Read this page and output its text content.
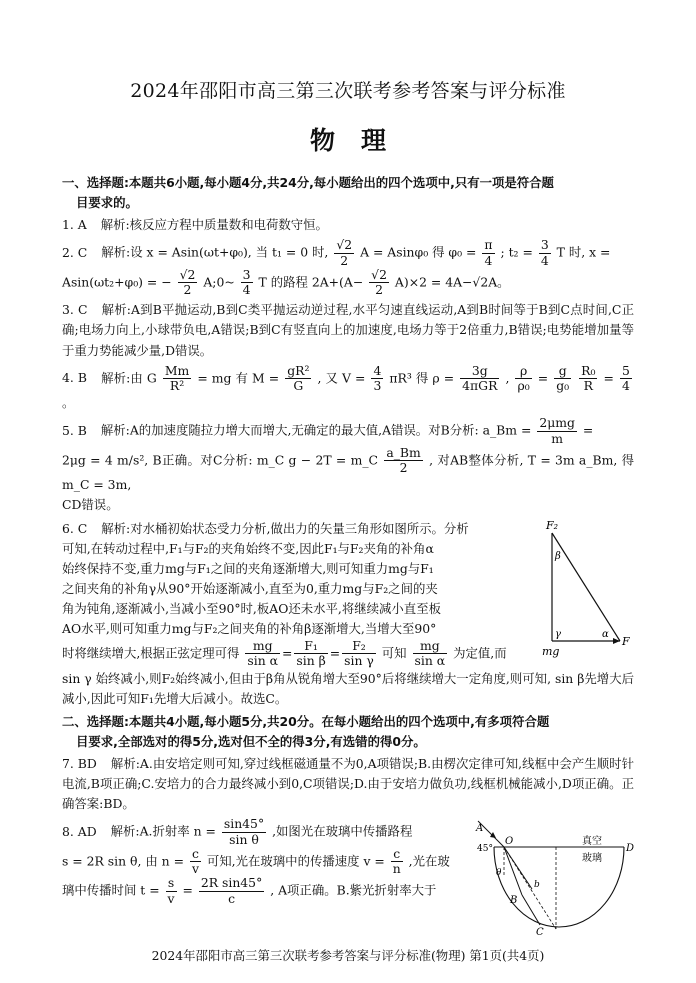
2024年邵阳市高三第三次联考参考答案与评分标准
物理
一、选择题:本题共6小题,每小题4分,共24分,每小题给出的四个选项中,只有一项是符合题
目要求的。
1. A 解析:核反应方程中质量数和电荷数守恒。
2. C 解析:设 x = Asin(ωt+φ₀), 当 t₁ = 0 时, $\frac{√2}{2}$ A = Asinφ₀ 得 $\varphi_0 = \frac{\pi}{4}$ ; $t_2 = \frac{3}{4}$ T 时, x =
Asin(ωt₂+φ₀) = − $\frac{√2}{2}$ A;0~ $\frac{3}{4}$ T 的路程 $2A+(A- \frac{√2}{2} A)\times 2 = 4A-√2A$。
3. C 解析:A到B平抛运动,B到C类平抛运动逆过程,水平匀速直线运动,A到B时间等于B到C点时间,C正确;电场力向上,小球带负电,A错误;B到C有竖直向上的加速度,电场力等于2倍重力,B错误;电势能增加量等于重力势能减少量,D错误。
4. B 解析:由 G $\frac{Mm}{\text{R²}}$ = mg 有 $M = \frac{\text{gR²}}{G}$ , 又 $V = \frac{4}{3} \pi R^3$ 得 $\rho = \frac{3g}{\text{4πGR}}$ , $\frac{\rho}{\text{ρ₀}} = \frac{g}{\text{g₀}}$
$\frac{\text{R₀}}{R} = \frac{5}{4}$
。
5. B 解析:A的加速度随拉力增大而增大,无确定的最大值,A错误。对B分析: a_Bm = $\frac{\text{2μmg}}{m}$ =
2μg = 4 m/s², B正确。对C分析: m_C g − 2T = m_C $\frac{a\_Bm}{2}$ , 对AB整体分析, T = 3m a_Bm, 得 m_C = 3m,
CD错误。
6. C 解析:对水桶初始状态受力分析,做出力的矢量三角形如图所示。分析
可知,在转动过程中,F₁与F₂的夹角始终不变,因此F₁与F₂夹角的补角α
始终保持不变,重力mg与F₁之间的夹角逐渐增大,则可知重力mg与F₁
之间夹角的补角γ从90°开始逐渐减小,直至为0,重力mg与F₂之间的夹
角为钝角,逐渐减小,当减小至90°时,板AO还未水平,将继续减小直至板
AO水平,则可知重力mg与F₂之间夹角的补角β逐渐增大,当增大至90°
时将继续增大,根据正弦定理可得 $\frac{mg}{\text{sin α}} = \frac{\text{F₁}}{\text{sin β}} = \frac{\text{F₂}}{\text{sin γ}}$ 可知 $\frac{mg}{\text{sin α}}$ 为定值,而
sin γ 始终减小,则F₂始终减小,但由于β角从锐角增大至90°后将继续增大一定角度,则可知, sin β先增大后减小,因此可知F₁先增大后减小。故选C。
F₂
β
γ	α
mg
F
二、选择题:本题共4小题,每小题5分,共20分。在每小题给出的四个选项中,有多项符合题
目要求,全部选对的得5分,选对但不全的得3分,有选错的得0分。
7. BD 解析:A.由安培定则可知,穿过线框磁通量不为0,A项错误;B.由楞次定律可知,线框中会产生顺时针电流,B项正确;C.安培力的合力最终减小到0,C项错误;D.由于安培力做负功,线框机械能减小,D项正确。正确答案:BD。
8. AD 解析:A.折射率 $n = \frac{\sin 45^\circ}{\text{sin θ}}$ ,如图光在玻璃中传播路程
s = 2R sin θ, 由 $n = \frac{c}{v}$ 可知,光在玻璃中的传播速度 $v = \frac{c}{n}$ ,光在玻
璃中传播时间 $t = \frac{s}{v} = \frac{\text{2R sin45°}}{c}$ , A项正确。B.紫光折射率大于
A
45°
O	真空
玻璃
D
θ
B
b
C
2024年邵阳市高三第三次联考参考答案与评分标准(物理) 第1页(共4页)
